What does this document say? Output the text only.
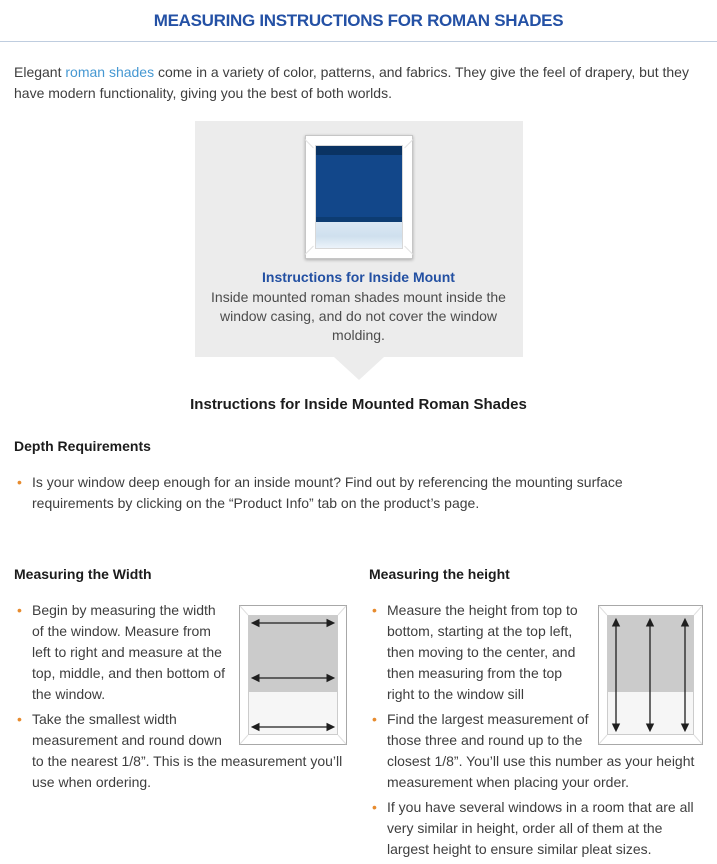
MEASURING INSTRUCTIONS FOR ROMAN SHADES

Elegant roman shades come in a variety of color, patterns, and fabrics. They give the feel of drapery, but they have modern functionality, giving you the best of both worlds.

Instructions for Inside Mount
Inside mounted roman shades mount inside the window casing, and do not cover the window molding.
Instructions for Inside Mounted Roman Shades
Depth Requirements
• Is your window deep enough for an inside mount? Find out by referencing the mounting surface requirements by clicking on the “Product Info” tab on the product’s page.
Measuring the Width
• Begin by measuring the width of the window. Measure from left to right and measure at the top, middle, and then bottom of the window.
• Take the smallest width measurement and round down to the nearest 1/8”. This is the measurement you’ll use when ordering.
Measuring the height
• Measure the height from top to bottom, starting at the top left, then moving to the center, and then measuring from the top right to the window sill
• Find the largest measurement of those three and round up to the closest 1/8”. You’ll use this number as your height measurement when placing your order.
• If you have several windows in a room that are all very similar in height, order all of them at the largest height to ensure similar pleat sizes.
